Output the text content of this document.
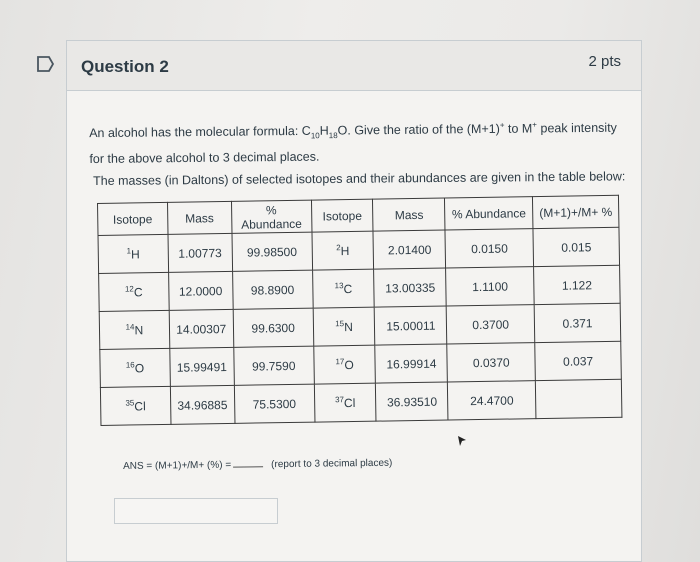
Question 2	2 pts
An alcohol has the molecular formula: $C_{10}H_{18}O$. Give the ratio of the (M+1)+ to M+ peak intensity for the above alcohol to 3 decimal places.
The masses (in Daltons) of selected isotopes and their abundances are given in the table below:
Isotope	Mass	% Abundance	Isotope	Mass	% Abundance	(M+1)+/M+ %
$^1$H	1.00773	99.98500	$^2$H	2.01400	0.0150	0.015
$^{12}$C	12.0000	98.8900	$^{13}$C	13.00335	1.1100	1.122
$^{14}$N	14.00307	99.6300	$^{15}$N	15.00011	0.3700	0.371
$^{16}$O	15.99491	99.7590	$^{17}$O	16.99914	0.0370	0.037
$^{35}$Cl	34.96885	75.5300	$^{37}$Cl	36.93510	24.4700	
ANS = (M+1)+/M+ (%) =	(report to 3 decimal places)
